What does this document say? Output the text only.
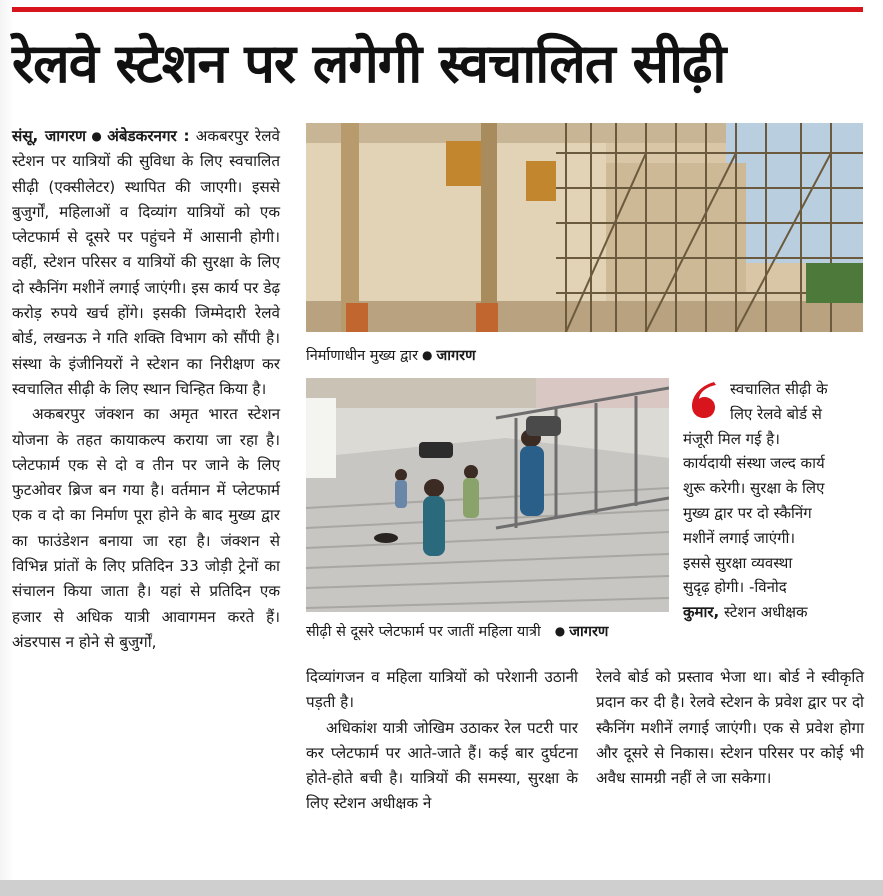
रेलवे स्टेशन पर लगेगी स्वचालित सीढ़ी

संसू, जागरण ● अंबेडकरनगर : अकबरपुर रेलवे स्टेशन पर यात्रियों की सुविधा के लिए स्वचालित सीढ़ी (एक्सीलेटर) स्थापित की जाएगी। इससे बुजुर्गों, महिलाओं व दिव्यांग यात्रियों को एक प्लेटफार्म से दूसरे पर पहुंचने में आसानी होगी। वहीं, स्टेशन परिसर व यात्रियों की सुरक्षा के लिए दो स्कैनिंग मशीनें लगाई जाएंगी। इस कार्य पर डेढ़ करोड़ रुपये खर्च होंगे। इसकी जिम्मेदारी रेलवे बोर्ड, लखनऊ ने गति शक्ति विभाग को सौंपी है। संस्था के इंजीनियरों ने स्टेशन का निरीक्षण कर स्वचालित सीढ़ी के लिए स्थान चिन्हित किया है।

अकबरपुर जंक्शन का अमृत भारत स्टेशन योजना के तहत कायाकल्प कराया जा रहा है। प्लेटफार्म एक से दो व तीन पर जाने के लिए फुटओवर ब्रिज बन गया है। वर्तमान में प्लेटफार्म एक व दो का निर्माण पूरा होने के बाद मुख्य द्वार का फाउंडेशन बनाया जा रहा है। जंक्शन से विभिन्न प्रांतों के लिए प्रतिदिन 33 जोड़ी ट्रेनों का संचालन किया जाता है। यहां से प्रतिदिन एक हजार से अधिक यात्री आवागमन करते हैं। अंडरपास न होने से बुजुर्गों,

निर्माणाधीन मुख्य द्वार ● जागरण
सीढ़ी से दूसरे प्लेटफार्म पर जातीं महिला यात्री ● जागरण
स्वचालित सीढ़ी के
लिए रेलवे बोर्ड से
मंजूरी मिल गई है।
कार्यदायी संस्था जल्द कार्य
शुरू करेगी। सुरक्षा के लिए
मुख्य द्वार पर दो स्कैनिंग
मशीनें लगाई जाएंगी।
इससे सुरक्षा व्यवस्था
सुदृढ़ होगी। -विनोद
कुमार, स्टेशन अधीक्षक

दिव्यांगजन व महिला यात्रियों को परेशानी उठानी पड़ती है।

अधिकांश यात्री जोखिम उठाकर रेल पटरी पार कर प्लेटफार्म पर आते-जाते हैं। कई बार दुर्घटना होते-होते बची है। यात्रियों की समस्या, सुरक्षा के लिए स्टेशन अधीक्षक ने

रेलवे बोर्ड को प्रस्ताव भेजा था। बोर्ड ने स्वीकृति प्रदान कर दी है। रेलवे स्टेशन के प्रवेश द्वार पर दो स्कैनिंग मशीनें लगाई जाएंगी। एक से प्रवेश होगा और दूसरे से निकास। स्टेशन परिसर पर कोई भी अवैध सामग्री नहीं ले जा सकेगा।
